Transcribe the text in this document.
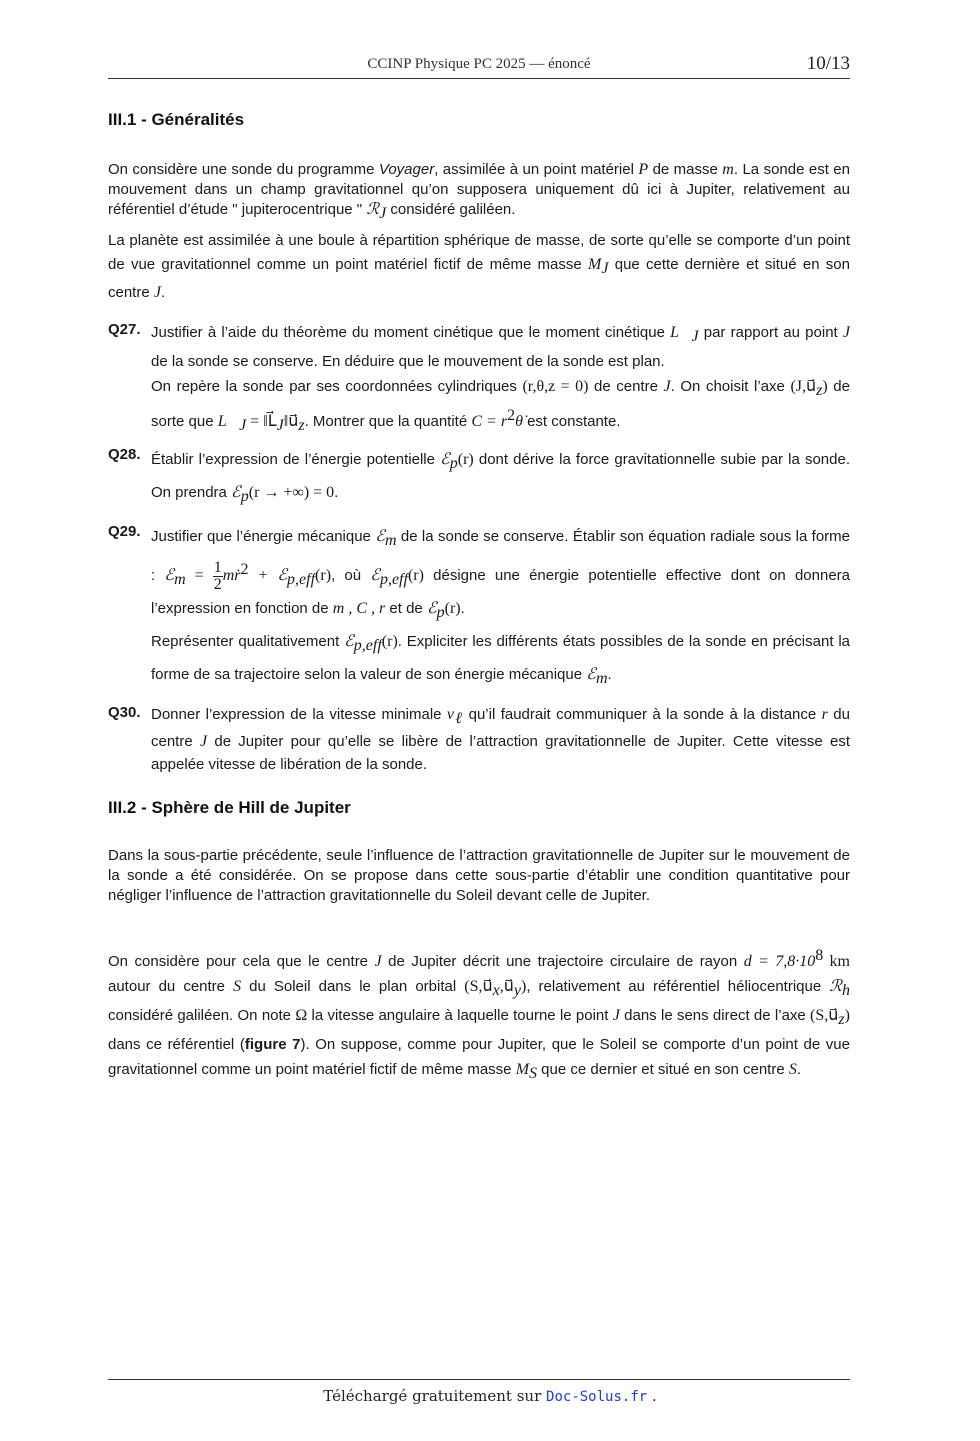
CCINP Physique PC 2025 — énoncé	10/13
III.1 - Généralités
On considère une sonde du programme Voyager, assimilée à un point matériel P de masse m. La sonde est en mouvement dans un champ gravitationnel qu’on supposera uniquement dû ici à Jupiter, relativement au référentiel d’étude " jupiterocentrique " ℛ$_J$ considéré galiléen.
La planète est assimilée à une boule à répartition sphérique de masse, de sorte qu’elle se comporte d’un point de vue gravitationnel comme un point matériel fictif de même masse $M_J$ que cette dernière et situé en son centre J.
Q27. Justifier à l’aide du théorème du moment cinétique que le moment cinétique $L⃗_J$ par rapport au point J de la sonde se conserve. En déduire que le mouvement de la sonde est plan.

On repère la sonde par ses coordonnées cylindriques (r,θ,z = 0) de centre J. On choisit l’axe $(J,u⃗_z)$ de sorte que $L⃗_J$ = $‖L⃗_J‖u⃗_z$. Montrer que la quantité $C = r^2\thetȧ$ est constante.

Q28. Établir l’expression de l’énergie potentielle ℰ$_p$(r) dont dérive la force gravitationnelle subie par la sonde. On prendra ℰ$_p$(r → +∞) = 0.
Q29. Justifier que l’énergie mécanique ℰ$_m$ de la sonde se conserve. Établir son équation radiale sous la forme : ℰ$_m$ = $\frac{1}{2}$ mṙ$^2$ + ℰ$_{p,eff}$(r), où ℰ$_{p,eff}$(r) désigne une énergie potentielle effective dont on donnera l’expression en fonction de m , C , r et de ℰ$_p$(r).

Représenter qualitativement ℰ$_{p,eff}$(r). Expliciter les différents états possibles de la sonde en précisant la forme de sa trajectoire selon la valeur de son énergie mécanique ℰ$_m$.

Q30. Donner l’expression de la vitesse minimale $v_\ell$ qu’il faudrait communiquer à la sonde à la distance r du centre J de Jupiter pour qu’elle se libère de l’attraction gravitationnelle de Jupiter. Cette vitesse est appelée vitesse de libération de la sonde.
III.2 - Sphère de Hill de Jupiter
Dans la sous-partie précédente, seule l’influence de l’attraction gravitationnelle de Jupiter sur le mouvement de la sonde a été considérée. On se propose dans cette sous-partie d’établir une condition quantitative pour négliger l’influence de l’attraction gravitationnelle du Soleil devant celle de Jupiter.
On considère pour cela que le centre J de Jupiter décrit une trajectoire circulaire de rayon $d = 7,8\cdot 10^8$ km autour du centre S du Soleil dans le plan orbital $(S,u⃗_x,u⃗_y)$, relativement au référentiel héliocentrique ℛ$_h$ considéré galiléen. On note Ω la vitesse angulaire à laquelle tourne le point J dans le sens direct de l’axe $(S,u⃗_z)$ dans ce référentiel (figure 7). On suppose, comme pour Jupiter, que le Soleil se comporte d’un point de vue gravitationnel comme un point matériel fictif de même masse $M_S$ que ce dernier et situé en son centre S.
Téléchargé gratuitement sur Doc-Solus.fr .
